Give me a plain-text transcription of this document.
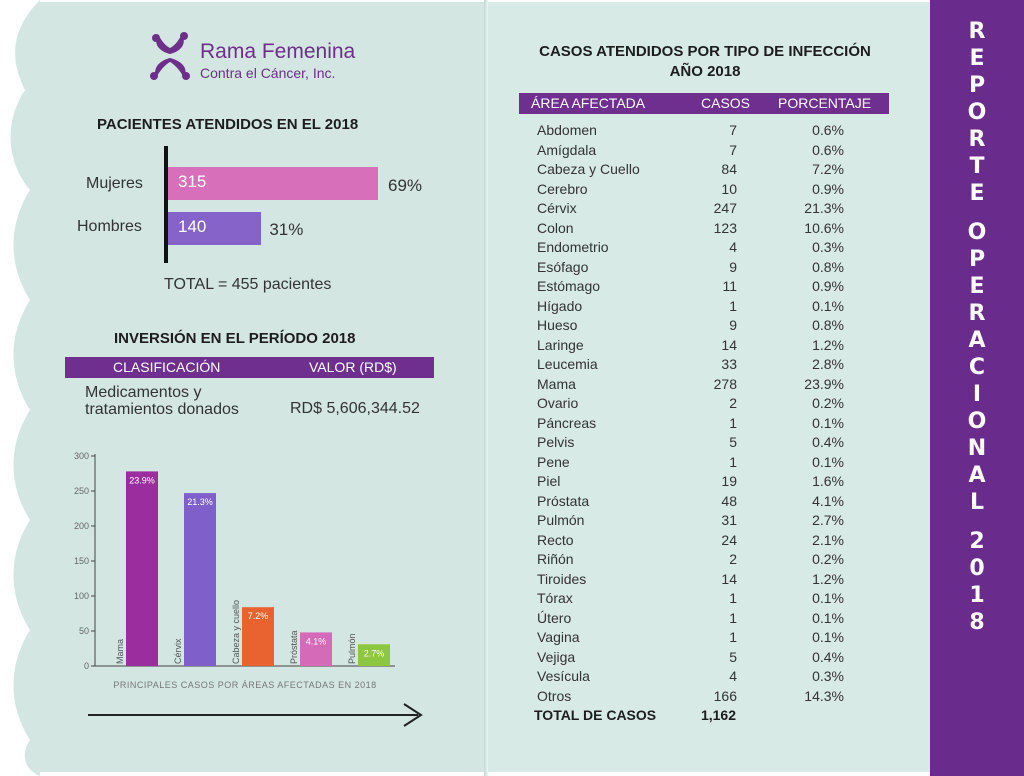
Rama Femenina
Contra el Cáncer, Inc.
PACIENTES ATENDIDOS EN EL 2018
Mujeres 315	69%
Hombres 140	31%
TOTAL = 455 pacientes
INVERSIÓN EN EL PERÍODO 2018
CLASIFICACIÓN	VALOR (RD$)
Medicamentos y
tratamientos donados	RD$ 5,606,344.52
0
50
100
150
200
250
300
23.9%
Mama
21.3%
Cérvix
7.2%
Cabeza y cuello	4.1%
Próstata	2.7%
Pulmón
PRINCIPALES CASOS POR ÁREAS AFECTADAS EN 2018
CASOS ATENDIDOS POR TIPO DE INFECCIÓN
AÑO 2018
ÁREA AFECTADA	CASOS PORCENTAJE
Abdomen	7	0.6%
Amígdala	7	0.6%
Cabeza y Cuello	84	7.2%
Cerebro	10	0.9%
Cérvix	247	21.3%
Colon	123	10.6%
Endometrio	4	0.3%
Esófago	9	0.8%
Estómago	11	0.9%
Hígado	1	0.1%
Hueso	9	0.8%
Laringe	14	1.2%
Leucemia	33	2.8%
Mama	278	23.9%
Ovario	2	0.2%
Páncreas	1	0.1%
Pelvis	5	0.4%
Pene	1	0.1%
Piel	19	1.6%
Próstata	48	4.1%
Pulmón	31	2.7%
Recto	24	2.1%
Riñón	2	0.2%
Tiroides	14	1.2%
Tórax	1	0.1%
Útero	1	0.1%
Vagina	1	0.1%
Vejiga	5	0.4%
Vesícula	4	0.3%
Otros	166	14.3%
TOTAL DE CASOS	1,162
R
E
P
O
R
T
E
O
P
E
R
A
C
I
O
N
A
L
2
0
1
8
